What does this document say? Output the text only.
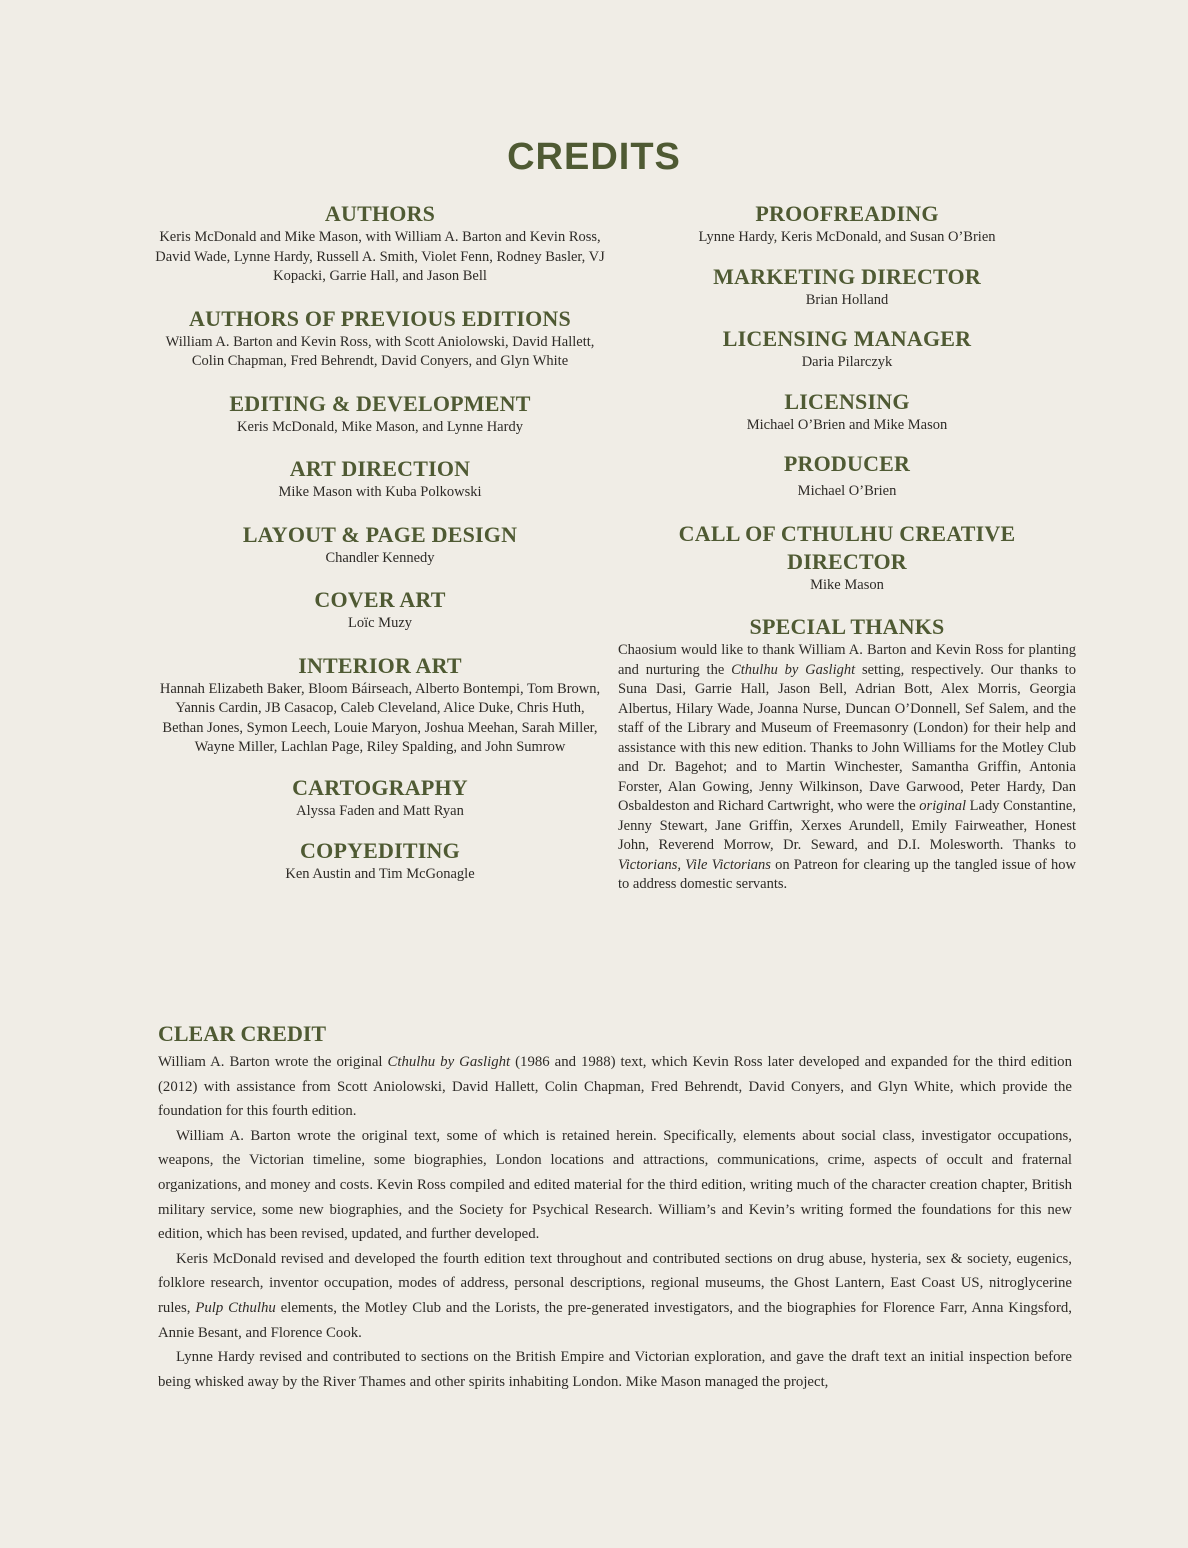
CREDITS
AUTHORS

Keris McDonald and Mike Mason, with William A. Barton and Kevin Ross, David Wade, Lynne Hardy, Russell A. Smith, Violet Fenn, Rodney Basler, VJ Kopacki, Garrie Hall, and Jason Bell

AUTHORS OF PREVIOUS EDITIONS

William A. Barton and Kevin Ross, with Scott Aniolowski, David Hallett, Colin Chapman, Fred Behrendt, David Conyers, and Glyn White

EDITING & DEVELOPMENT

Keris McDonald, Mike Mason, and Lynne Hardy

ART DIRECTION

Mike Mason with Kuba Polkowski

LAYOUT & PAGE DESIGN

Chandler Kennedy

COVER ART

Loïc Muzy

INTERIOR ART

Hannah Elizabeth Baker, Bloom Báirseach, Alberto Bontempi, Tom Brown, Yannis Cardin, JB Casacop, Caleb Cleveland, Alice Duke, Chris Huth, Bethan Jones, Symon Leech, Louie Maryon, Joshua Meehan, Sarah Miller, Wayne Miller, Lachlan Page, Riley Spalding, and John Sumrow

CARTOGRAPHY

Alyssa Faden and Matt Ryan

COPYEDITING

Ken Austin and Tim McGonagle

PROOFREADING

Lynne Hardy, Keris McDonald, and Susan O’Brien

MARKETING DIRECTOR

Brian Holland

LICENSING MANAGER

Daria Pilarczyk

LICENSING

Michael O’Brien and Mike Mason

PRODUCER

Michael O’Brien

CALL OF CTHULHU CREATIVE DIRECTOR

Mike Mason

SPECIAL THANKS

Chaosium would like to thank William A. Barton and Kevin Ross for planting and nurturing the Cthulhu by Gaslight setting, respectively. Our thanks to Suna Dasi, Garrie Hall, Jason Bell, Adrian Bott, Alex Morris, Georgia Albertus, Hilary Wade, Joanna Nurse, Duncan O’Donnell, Sef Salem, and the staff of the Library and Museum of Freemasonry (London) for their help and assistance with this new edition. Thanks to John Williams for the Motley Club and Dr. Bagehot; and to Martin Winchester, Samantha Griffin, Antonia Forster, Alan Gowing, Jenny Wilkinson, Dave Garwood, Peter Hardy, Dan Osbaldeston and Richard Cartwright, who were the original Lady Constantine, Jenny Stewart, Jane Griffin, Xerxes Arundell, Emily Fairweather, Honest John, Reverend Morrow, Dr. Seward, and D.I. Molesworth. Thanks to Victorians, Vile Victorians on Patreon for clearing up the tangled issue of how to address domestic servants.

CLEAR CREDIT

William A. Barton wrote the original Cthulhu by Gaslight (1986 and 1988) text, which Kevin Ross later developed and expanded for the third edition (2012) with assistance from Scott Aniolowski, David Hallett, Colin Chapman, Fred Behrendt, David Conyers, and Glyn White, which provide the foundation for this fourth edition.

William A. Barton wrote the original text, some of which is retained herein. Specifically, elements about social class, investigator occupations, weapons, the Victorian timeline, some biographies, London locations and attractions, communications, crime, aspects of occult and fraternal organizations, and money and costs. Kevin Ross compiled and edited material for the third edition, writing much of the character creation chapter, British military service, some new biographies, and the Society for Psychical Research. William’s and Kevin’s writing formed the foundations for this new edition, which has been revised, updated, and further developed.

Keris McDonald revised and developed the fourth edition text throughout and contributed sections on drug abuse, hysteria, sex & society, eugenics, folklore research, inventor occupation, modes of address, personal descriptions, regional museums, the Ghost Lantern, East Coast US, nitroglycerine rules, Pulp Cthulhu elements, the Motley Club and the Lorists, the pre-generated investigators, and the biographies for Florence Farr, Anna Kingsford, Annie Besant, and Florence Cook.

Lynne Hardy revised and contributed to sections on the British Empire and Victorian exploration, and gave the draft text an initial inspection before being whisked away by the River Thames and other spirits inhabiting London. Mike Mason managed the project,
